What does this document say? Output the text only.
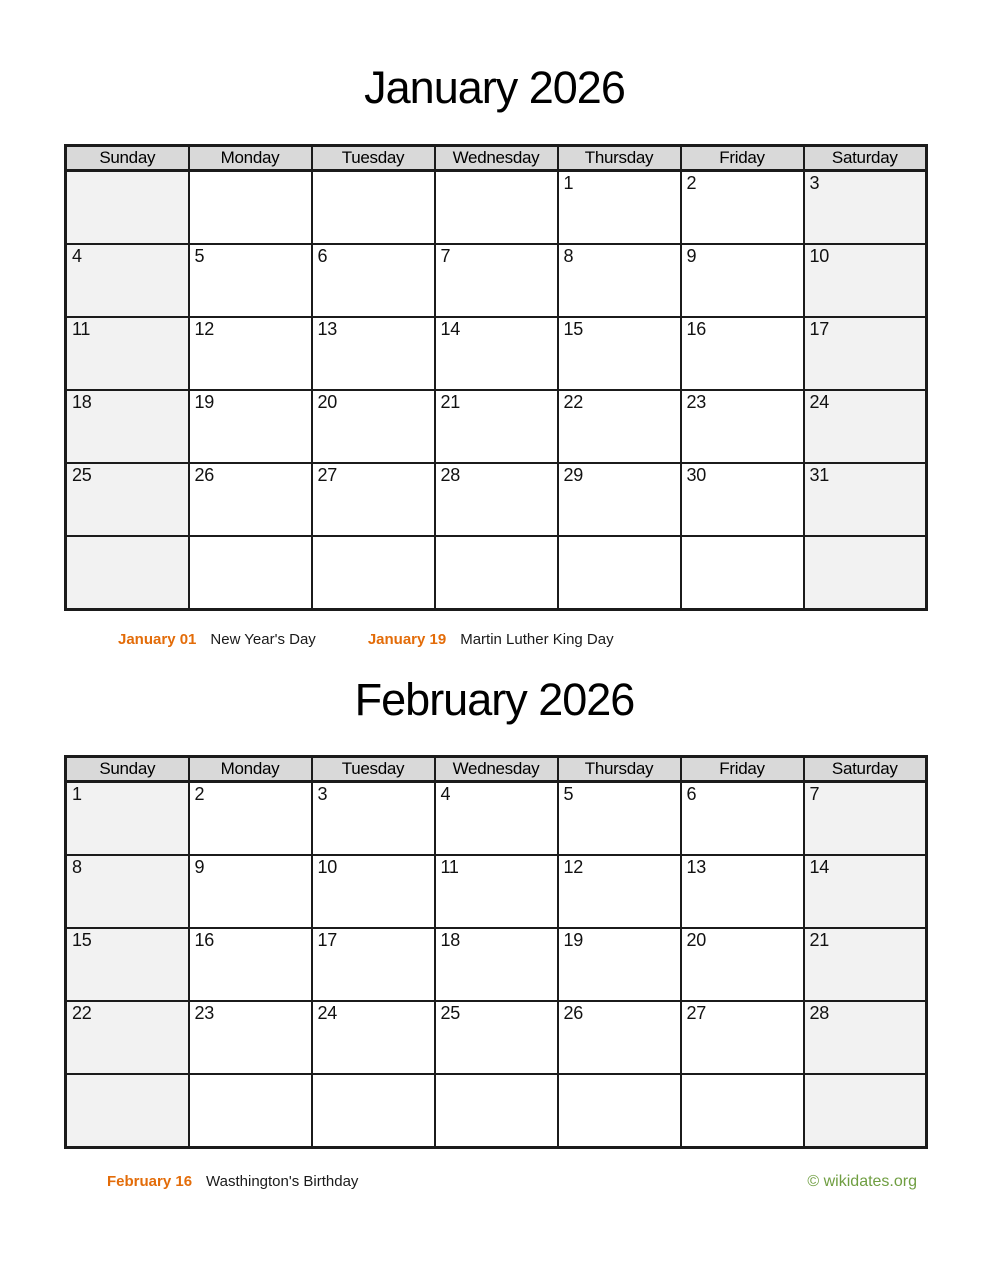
January 2026
Sunday	Monday	Tuesday	Wednesday	Thursday	Friday	Saturday
				1	2	3
4	5	6	7	8	9	10
11	12	13	14	15	16	17
18	19	20	21	22	23	24
25	26	27	28	29	30	31

January 01 New Year's Day	January 19 Martin Luther King Day
February 2026
Sunday	Monday	Tuesday	Wednesday	Thursday	Friday	Saturday
1	2	3	4	5	6	7
8	9	10	11	12	13	14
15	16	17	18	19	20	21
22	23	24	25	26	27	28

February 16 Wasthington's Birthday	© wikidates.org
